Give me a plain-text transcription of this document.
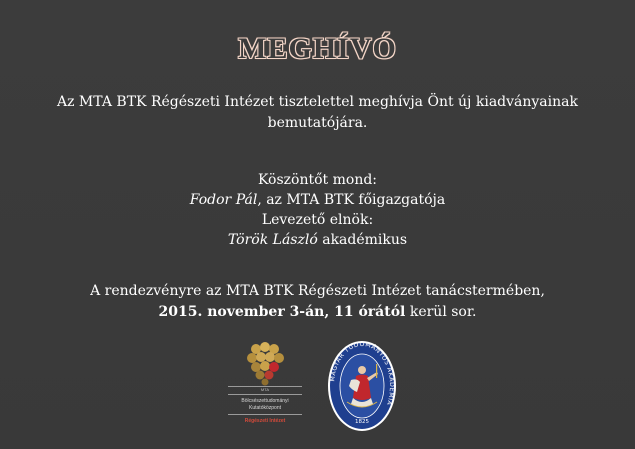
MEGHÍVÓ
Az MTA BTK Régészeti Intézet tisztelettel meghívja Önt új kiadványainak
bemutatójára.
Köszöntőt mond:
Fodor Pál, az MTA BTK főigazgatója
Levezető elnök:
Török László akadémikus
A rendezvényre az MTA BTK Régészeti Intézet tanácstermében,
2015. november 3-án, 11 órától kerül sor.
MTA
Bölcsészettudományi
Kutatóközpont
Régészeti Intézet
MAGYAR TUDOMÁNYOS AKADÉMIA
1825
